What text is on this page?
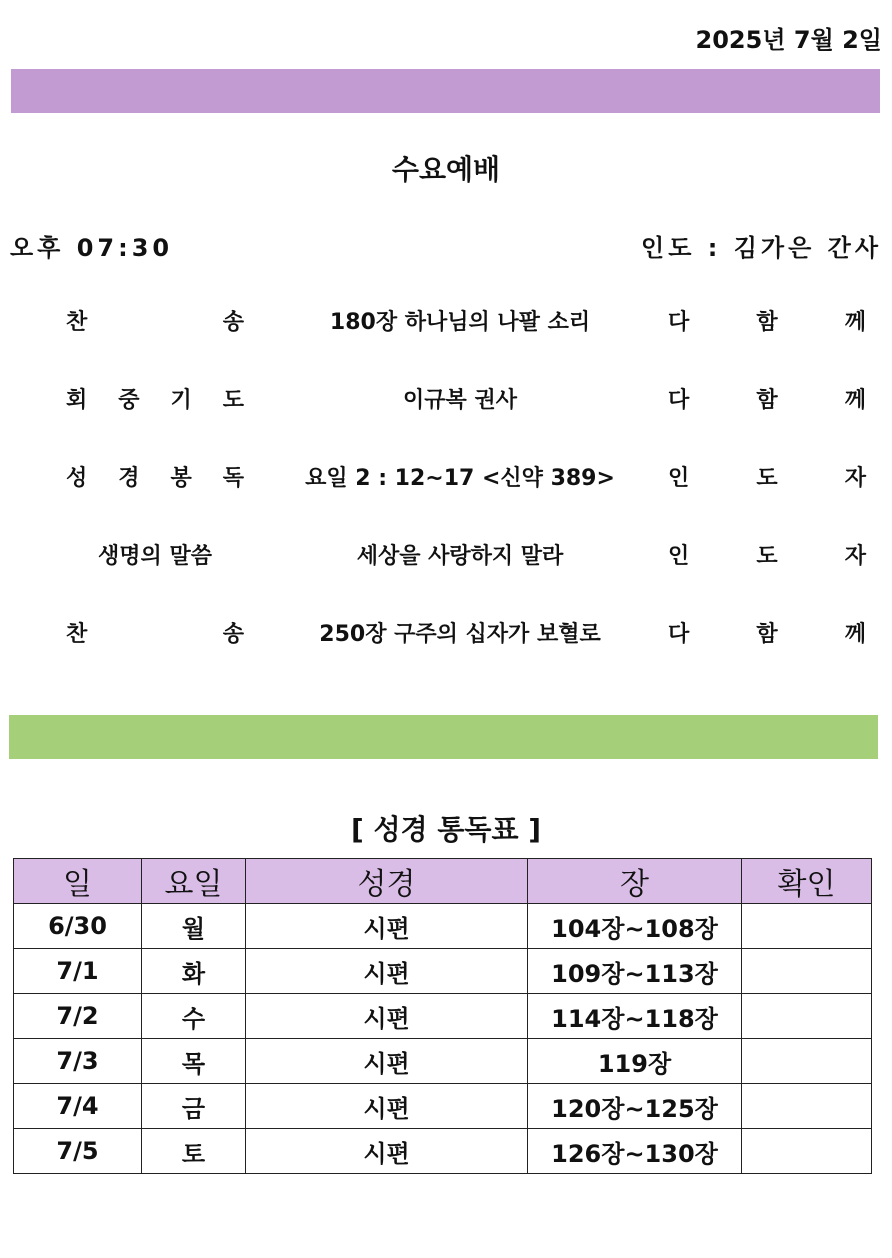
2025년 7월 2일
수요예배
오후 07:30	인도 : 김가은 간사
찬	송	180장 하나님의 나팔 소리	다	함	께
회 중 기 도	이규복 권사	다	함	께
성 경 봉 독	요일 2 : 12~17 <신약 389>	인	도	자
생명의 말씀	세상을 사랑하지 말라	인	도	자
찬	송	250장 구주의 십자가 보혈로	다	함	께
[ 성경 통독표 ]
일	요일	성경	장	확인
6/30	월	시편	104장~108장	
7/1	화	시편	109장~113장	
7/2	수	시편	114장~118장	
7/3	목	시편	119장	
7/4	금	시편	120장~125장	
7/5	토	시편	126장~130장	
